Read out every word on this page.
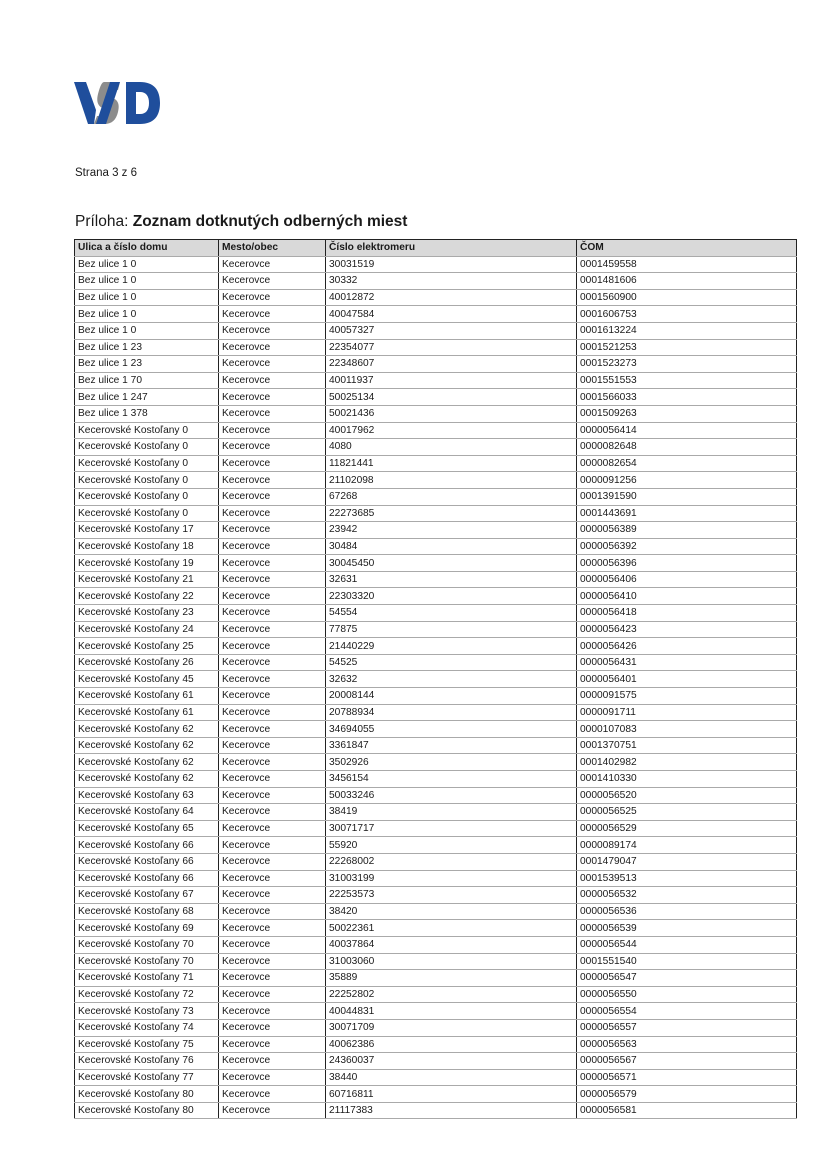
Strana 3 z 6
Príloha: Zoznam dotknutých odberných miest
Ulica a číslo domu	Mesto/obec	Číslo elektromeru	ČOM
Bez ulice 1 0	Kecerovce	30031519	0001459558
Bez ulice 1 0	Kecerovce	30332	0001481606
Bez ulice 1 0	Kecerovce	40012872	0001560900
Bez ulice 1 0	Kecerovce	40047584	0001606753
Bez ulice 1 0	Kecerovce	40057327	0001613224
Bez ulice 1 23	Kecerovce	22354077	0001521253
Bez ulice 1 23	Kecerovce	22348607	0001523273
Bez ulice 1 70	Kecerovce	40011937	0001551553
Bez ulice 1 247	Kecerovce	50025134	0001566033
Bez ulice 1 378	Kecerovce	50021436	0001509263
Kecerovské Kostoľany 0	Kecerovce	40017962	0000056414
Kecerovské Kostoľany 0	Kecerovce	4080	0000082648
Kecerovské Kostoľany 0	Kecerovce	11821441	0000082654
Kecerovské Kostoľany 0	Kecerovce	21102098	0000091256
Kecerovské Kostoľany 0	Kecerovce	67268	0001391590
Kecerovské Kostoľany 0	Kecerovce	22273685	0001443691
Kecerovské Kostoľany 17	Kecerovce	23942	0000056389
Kecerovské Kostoľany 18	Kecerovce	30484	0000056392
Kecerovské Kostoľany 19	Kecerovce	30045450	0000056396
Kecerovské Kostoľany 21	Kecerovce	32631	0000056406
Kecerovské Kostoľany 22	Kecerovce	22303320	0000056410
Kecerovské Kostoľany 23	Kecerovce	54554	0000056418
Kecerovské Kostoľany 24	Kecerovce	77875	0000056423
Kecerovské Kostoľany 25	Kecerovce	21440229	0000056426
Kecerovské Kostoľany 26	Kecerovce	54525	0000056431
Kecerovské Kostoľany 45	Kecerovce	32632	0000056401
Kecerovské Kostoľany 61	Kecerovce	20008144	0000091575
Kecerovské Kostoľany 61	Kecerovce	20788934	0000091711
Kecerovské Kostoľany 62	Kecerovce	34694055	0000107083
Kecerovské Kostoľany 62	Kecerovce	3361847	0001370751
Kecerovské Kostoľany 62	Kecerovce	3502926	0001402982
Kecerovské Kostoľany 62	Kecerovce	3456154	0001410330
Kecerovské Kostoľany 63	Kecerovce	50033246	0000056520
Kecerovské Kostoľany 64	Kecerovce	38419	0000056525
Kecerovské Kostoľany 65	Kecerovce	30071717	0000056529
Kecerovské Kostoľany 66	Kecerovce	55920	0000089174
Kecerovské Kostoľany 66	Kecerovce	22268002	0001479047
Kecerovské Kostoľany 66	Kecerovce	31003199	0001539513
Kecerovské Kostoľany 67	Kecerovce	22253573	0000056532
Kecerovské Kostoľany 68	Kecerovce	38420	0000056536
Kecerovské Kostoľany 69	Kecerovce	50022361	0000056539
Kecerovské Kostoľany 70	Kecerovce	40037864	0000056544
Kecerovské Kostoľany 70	Kecerovce	31003060	0001551540
Kecerovské Kostoľany 71	Kecerovce	35889	0000056547
Kecerovské Kostoľany 72	Kecerovce	22252802	0000056550
Kecerovské Kostoľany 73	Kecerovce	40044831	0000056554
Kecerovské Kostoľany 74	Kecerovce	30071709	0000056557
Kecerovské Kostoľany 75	Kecerovce	40062386	0000056563
Kecerovské Kostoľany 76	Kecerovce	24360037	0000056567
Kecerovské Kostoľany 77	Kecerovce	38440	0000056571
Kecerovské Kostoľany 80	Kecerovce	60716811	0000056579
Kecerovské Kostoľany 80	Kecerovce	21117383	0000056581
